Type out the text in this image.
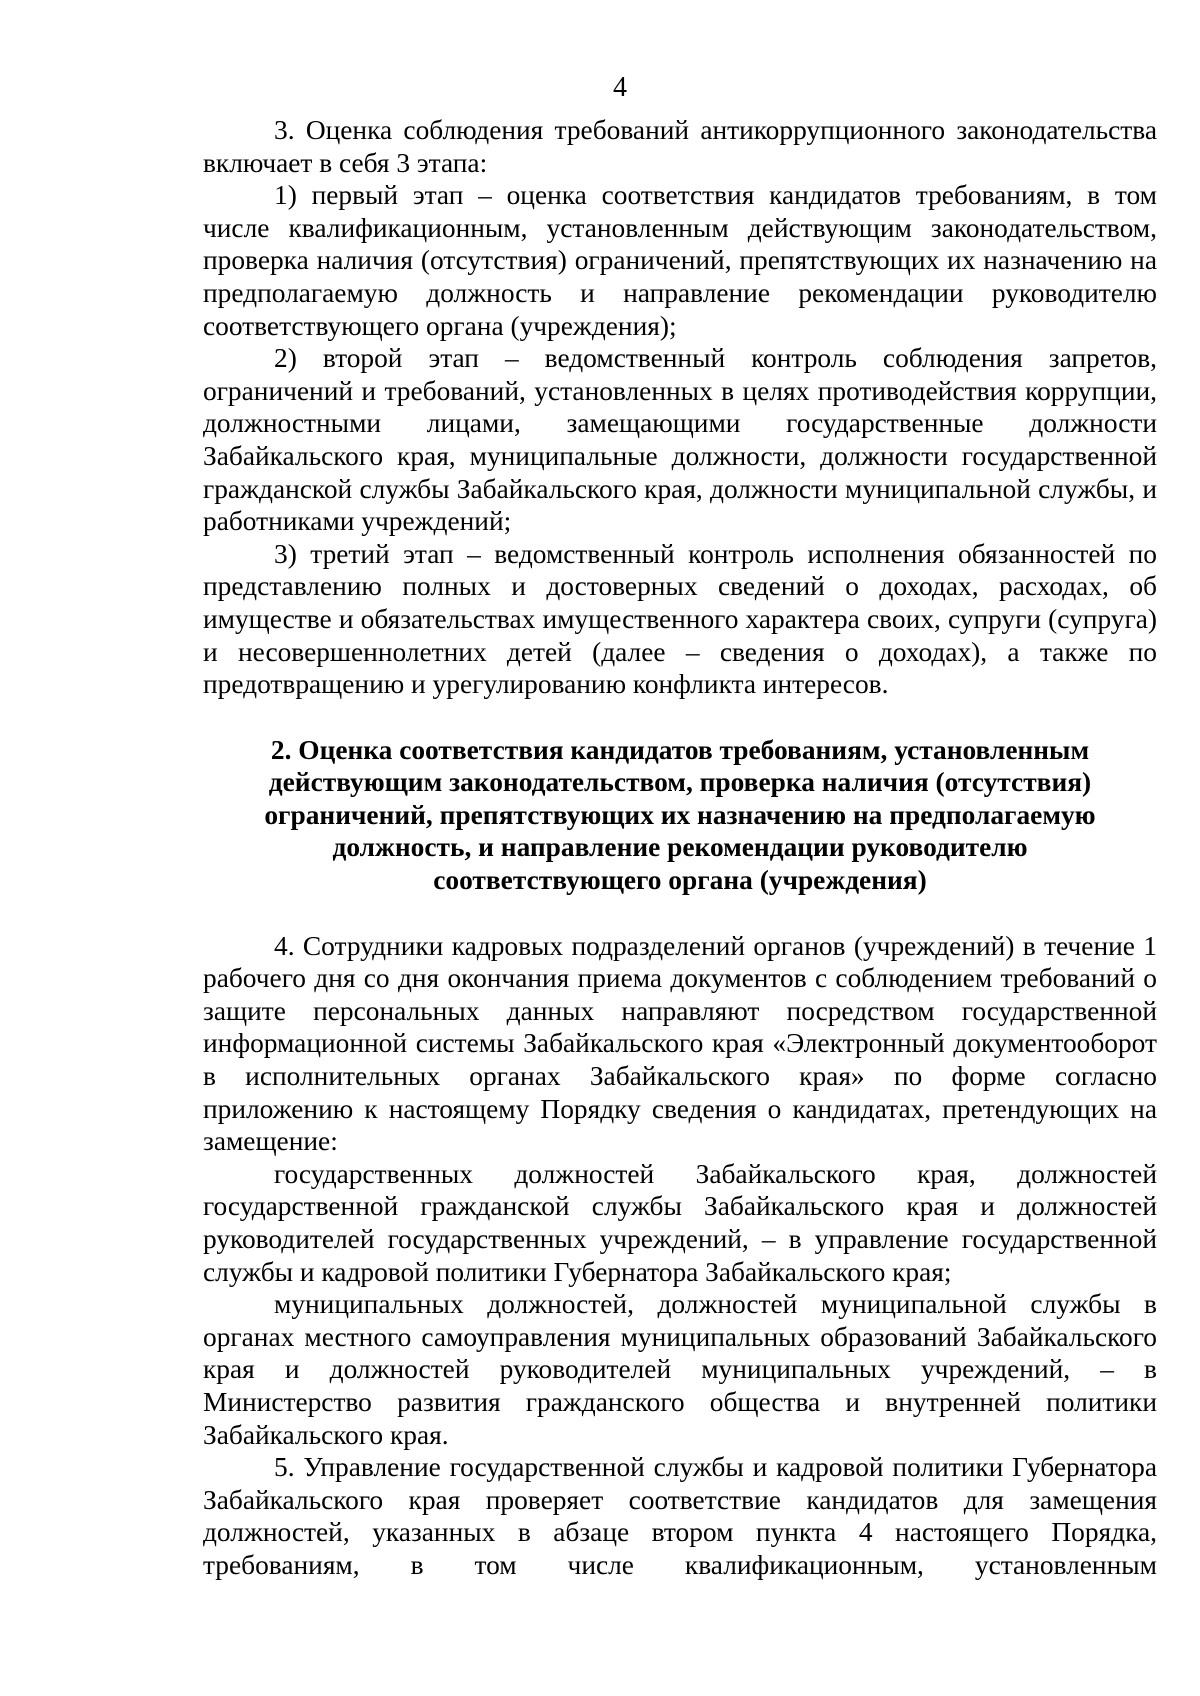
4

3. Оценка соблюдения требований антикоррупционного законодательства включает в себя 3 этапа:

1) первый этап – оценка соответствия кандидатов требованиям, в том числе квалификационным, установленным действующим законодательством, проверка наличия (отсутствия) ограничений, препятствующих их назначению на предполагаемую должность и направление рекомендации руководителю соответствующего органа (учреждения);

2) второй этап – ведомственный контроль соблюдения запретов, ограничений и требований, установленных в целях противодействия коррупции, должностными лицами, замещающими государственные должности Забайкальского края, муниципальные должности, должности государственной гражданской службы Забайкальского края, должности муниципальной службы, и работниками учреждений;

3) третий этап – ведомственный контроль исполнения обязанностей по представлению полных и достоверных сведений о доходах, расходах, об имуществе и обязательствах имущественного характера своих, супруги (супруга) и несовершеннолетних детей (далее – сведения о доходах), а также по предотвращению и урегулированию конфликта интересов.

2. Оценка соответствия кандидатов требованиям, установленным действующим законодательством, проверка наличия (отсутствия) ограничений, препятствующих их назначению на предполагаемую должность, и направление рекомендации руководителю соответствующего органа (учреждения)

4. Сотрудники кадровых подразделений органов (учреждений) в течение 1 рабочего дня со дня окончания приема документов с соблюдением требований о защите персональных данных направляют посредством государственной информационной системы Забайкальского края «Электронный документооборот в исполнительных органах Забайкальского края» по форме согласно приложению к настоящему Порядку сведения о кандидатах, претендующих на замещение:

государственных должностей Забайкальского края, должностей государственной гражданской службы Забайкальского края и должностей руководителей государственных учреждений, – в управление государственной службы и кадровой политики Губернатора Забайкальского края;

муниципальных должностей, должностей муниципальной службы в органах местного самоуправления муниципальных образований Забайкальского края и должностей руководителей муниципальных учреждений, – в Министерство развития гражданского общества и внутренней политики Забайкальского края.

5. Управление государственной службы и кадровой политики Губернатора Забайкальского края проверяет соответствие кандидатов для замещения должностей, указанных в абзаце втором пункта 4 настоящего Порядка, требованиям, в том числе квалификационным, установленным
